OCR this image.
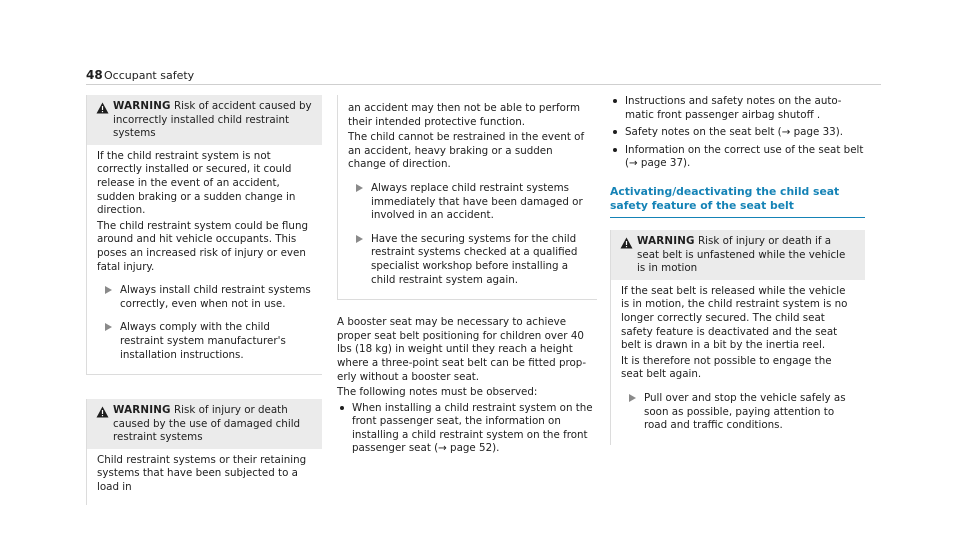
48 Occupant safety
WARNING Risk of accident caused by incorrectly installed child restraint systems

If the child restraint system is not correctly installed or secured, it could release in the event of an accident, sudden braking or a sudden change in direction.

The child restraint system could be flung around and hit vehicle occupants. This poses an increased risk of injury or even fatal injury.

Always install child restraint systems correctly, even when not in use.
Always comply with the child restraint system manufacturer's installation instructions.
WARNING Risk of injury or death caused by the use of damaged child restraint systems

Child restraint systems or their retaining systems that have been subjected to a load in

an accident may then not be able to perform their intended protective function.

The child cannot be restrained in the event of an accident, heavy braking or a sudden change of direction.

Always replace child restraint systems immediately that have been damaged or involved in an accident.
Have the securing systems for the child restraint systems checked at a qualified specialist workshop before installing a child restraint system again.

A booster seat may be necessary to achieve proper seat belt positioning for children over 40 lbs (18 kg) in weight until they reach a height where a three-point seat belt can be fitted properly without a booster seat.

The following notes must be observed:

When installing a child restraint system on the front passenger seat, the information on installing a child restraint system on the front passenger seat (→ page 52).
Instructions and safety notes on the automatic front passenger airbag shutoff .
Safety notes on the seat belt (→ page 33).
Information on the correct use of the seat belt (→ page 37).
Activating/deactivating the child seat safety feature of the seat belt
WARNING Risk of injury or death if a seat belt is unfastened while the vehicle is in motion

If the seat belt is released while the vehicle is in motion, the child restraint system is no longer correctly secured. The child seat safety feature is deactivated and the seat belt is drawn in a bit by the inertia reel.

It is therefore not possible to engage the seat belt again.

Pull over and stop the vehicle safely as soon as possible, paying attention to road and traffic conditions.
